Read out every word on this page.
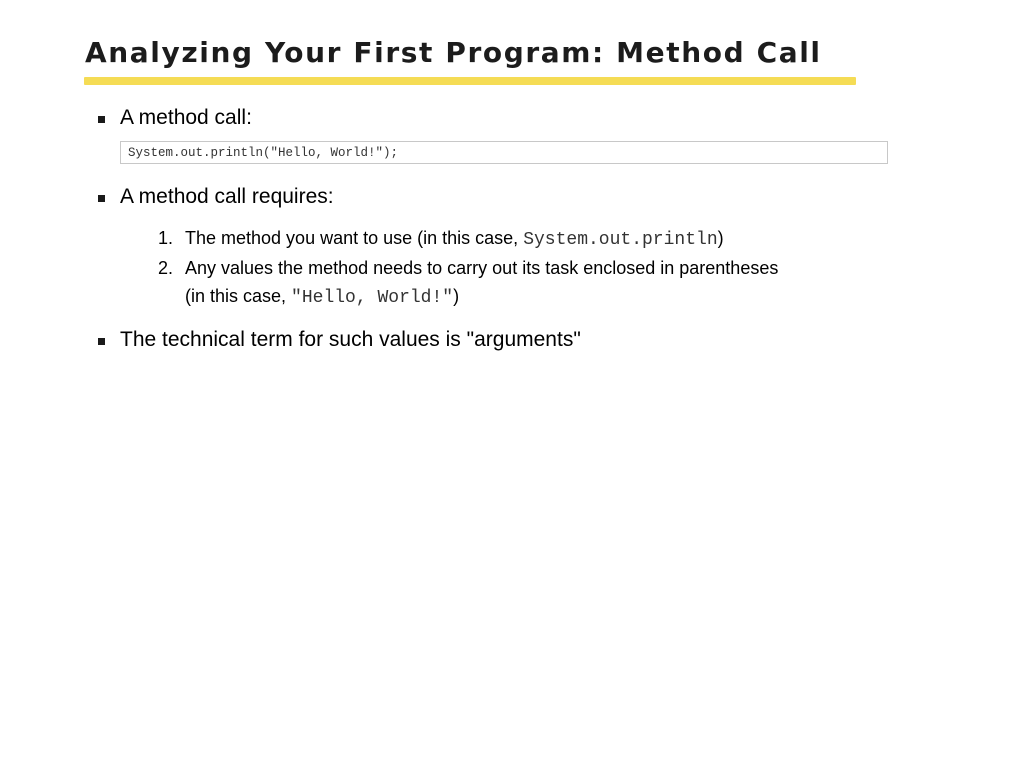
Analyzing Your First Program: Method Call
A method call:
System.out.println("Hello, World!");
A method call requires:
1. The method you want to use (in this case, System.out.println)
2. Any values the method needs to carry out its task enclosed in parentheses
(in this case, "Hello, World!")
The technical term for such values is "arguments"
